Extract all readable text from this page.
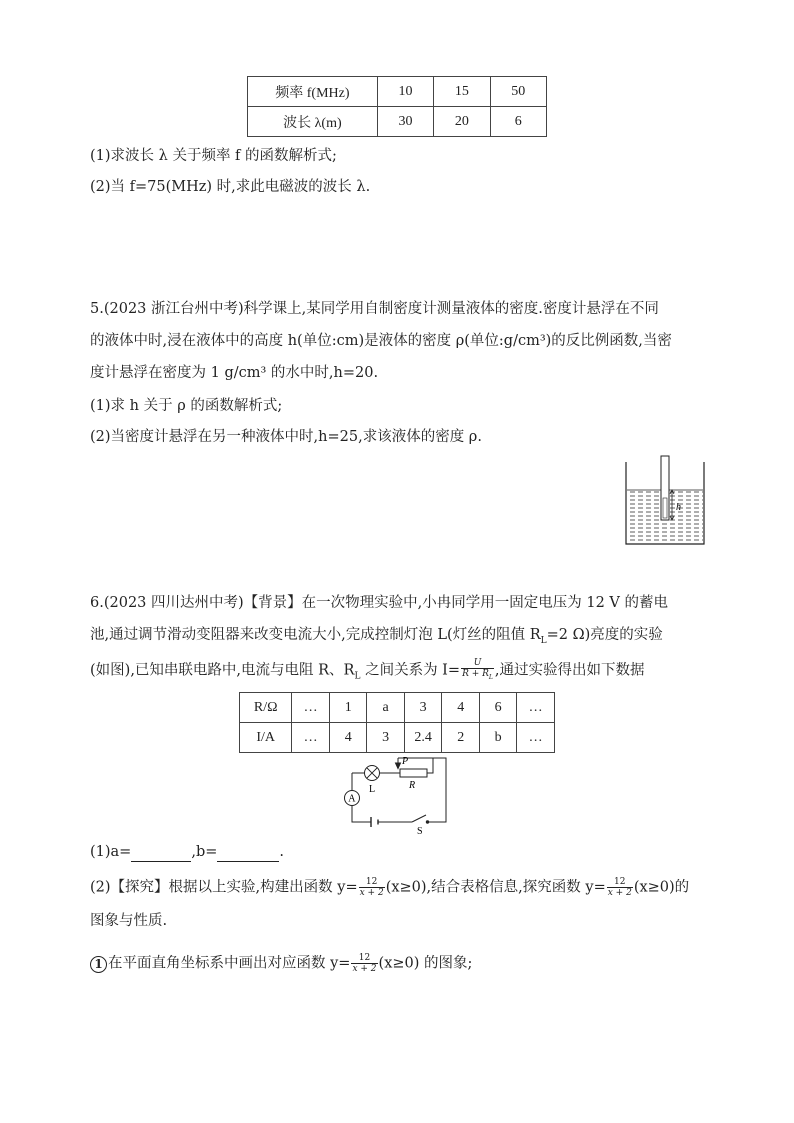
频率 f(MHz)	10	15	50
波长 λ(m)	30	20	6
(1)求波长 λ 关于频率 f 的函数解析式;
(2)当 f=75(MHz) 时,求此电磁波的波长 λ.
5.(2023 浙江台州中考)科学课上,某同学用自制密度计测量液体的密度.密度计悬浮在不同
的液体中时,浸在液体中的高度 h(单位:cm)是液体的密度 ρ(单位:g/cm³)的反比例函数,当密
度计悬浮在密度为 1 g/cm³ 的水中时,h=20.
(1)求 h 关于 ρ 的函数解析式;
(2)当密度计悬浮在另一种液体中时,h=25,求该液体的密度 ρ.
h
6.(2023 四川达州中考)【背景】在一次物理实验中,小冉同学用一固定电压为 12 V 的蓄电
池,通过调节滑动变阻器来改变电流大小,完成控制灯泡 L(灯丝的阻值 $R_L=2$ Ω)亮度的实验
(如图),已知串联电路中,电流与电阻 R、$R_L$ 之间关系为 $I= \frac{U}{R + R_L}$ ,通过实验得出如下数据
R/Ω	…	1	a	3	4	6	…
I/A	…	4	3	2.4	2	b	…
A
L
P
R
S
(1)a=	,b=	.
(2)【探究】根据以上实验,构建出函数 $y= \frac{12}{x + 2} (x\ge 0)$,结合表格信息,探究函数 $y= \frac{12}{x + 2} (x\ge 0)$的
图象与性质.
1 在平面直角坐标系中画出对应函数 $y= \frac{12}{x + 2} (x\ge 0)$ 的图象;
